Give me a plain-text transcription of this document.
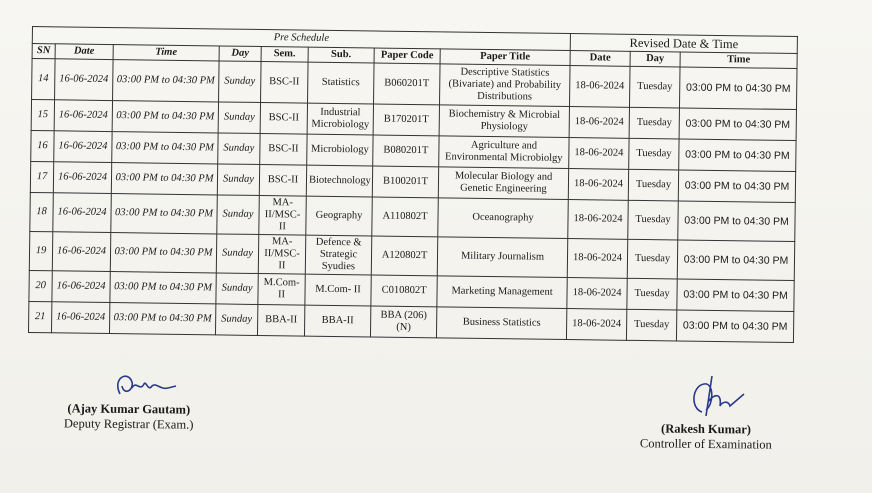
Pre Schedule								Revised Date & Time		
SN	Date	Time	Day	Sem.	Sub.	Paper Code	Paper Title	Date	Day	Time
14	16-06-2024	03:00 PM to 04:30 PM	Sunday	BSC-II	Statistics	B060201T	Descriptive Statistics (Bivariate) and Probability Distributions	18-06-2024	Tuesday	03:00 PM to 04:30 PM
15	16-06-2024	03:00 PM to 04:30 PM	Sunday	BSC-II	Industrial Microbiology	B170201T	Biochemistry & Microbial Physiology	18-06-2024	Tuesday	03:00 PM to 04:30 PM
16	16-06-2024	03:00 PM to 04:30 PM	Sunday	BSC-II	Microbiology	B080201T	Agriculture and Environmental Microbiolgy	18-06-2024	Tuesday	03:00 PM to 04:30 PM
17	16-06-2024	03:00 PM to 04:30 PM	Sunday	BSC-II	Biotechnology	B100201T	Molecular Biology and Genetic Engineering	18-06-2024	Tuesday	03:00 PM to 04:30 PM
18	16-06-2024	03:00 PM to 04:30 PM	Sunday	MA-II/MSC-II	Geography	A110802T	Oceanography	18-06-2024	Tuesday	03:00 PM to 04:30 PM
19	16-06-2024	03:00 PM to 04:30 PM	Sunday	MA-II/MSC-II	Defence & Strategic Syudies	A120802T	Military Journalism	18-06-2024	Tuesday	03:00 PM to 04:30 PM
20	16-06-2024	03:00 PM to 04:30 PM	Sunday	M.Com-II	M.Com- II	C010802T	Marketing Management	18-06-2024	Tuesday	03:00 PM to 04:30 PM
21	16-06-2024	03:00 PM to 04:30 PM	Sunday	BBA-II	BBA-II	BBA (206) (N)	Business Statistics	18-06-2024	Tuesday	03:00 PM to 04:30 PM
(Ajay Kumar Gautam)
Deputy Registrar (Exam.)	(Rakesh Kumar)
Controller of Examination
